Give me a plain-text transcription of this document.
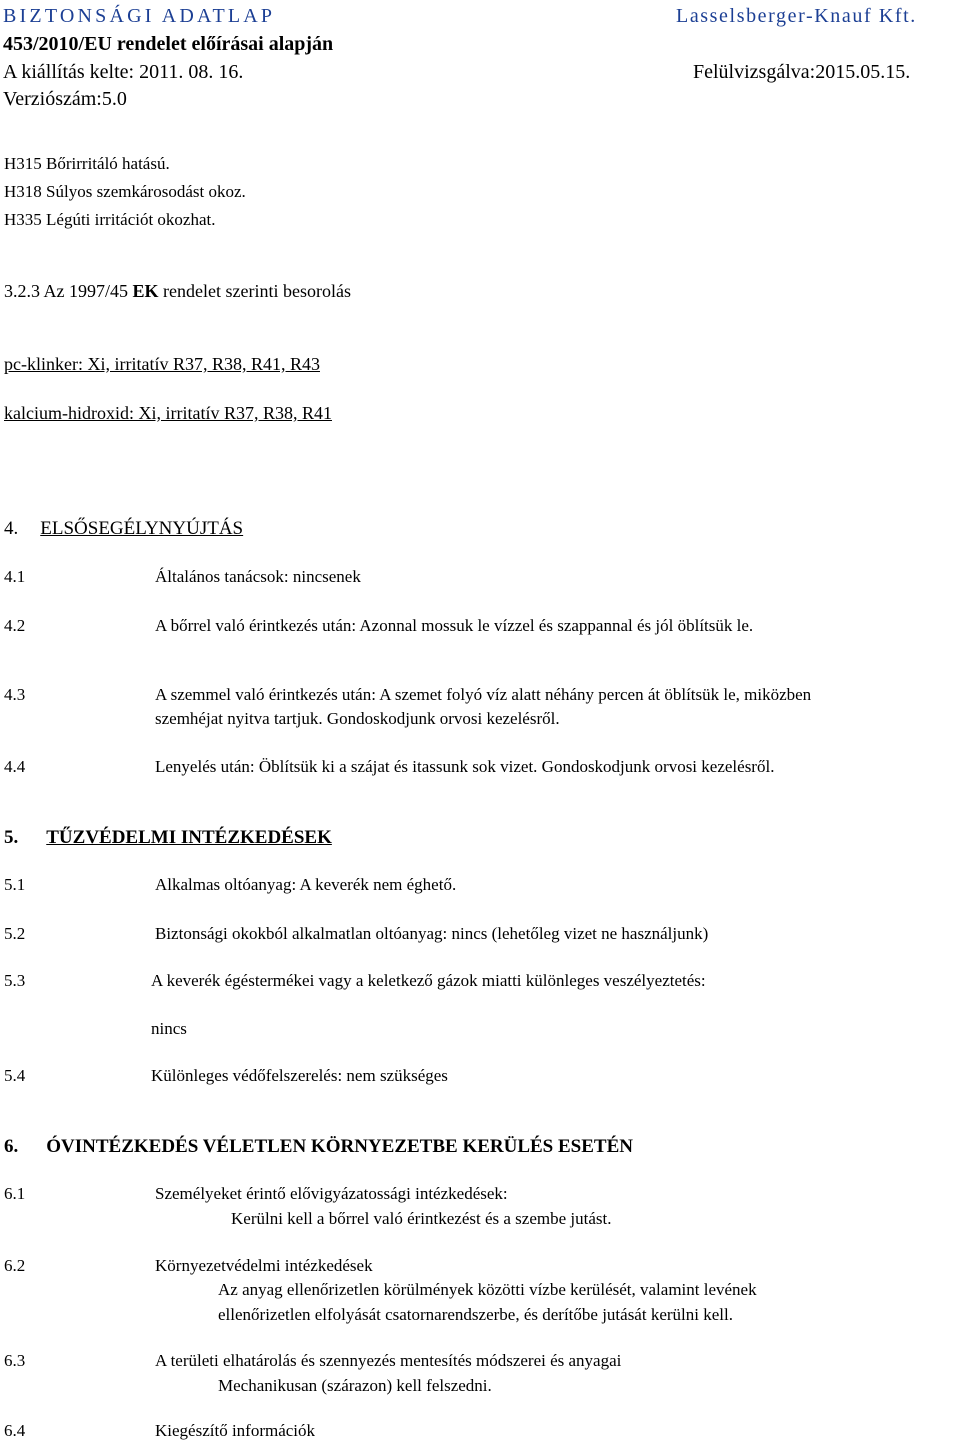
BIZTONSÁGI ADATLAP	Lasselsberger-Knauf Kft.
453/2010/EU rendelet előírásai alapján
A kiállítás kelte: 2011. 08. 16.	Felülvizsgálva:2015.05.15.
Verziószám:5.0
H315 Bőrirritáló hatású.
H318 Súlyos szemkárosodást okoz.
H335 Légúti irritációt okozhat.
3.2.3 Az 1997/45 EK rendelet szerinti besorolás
pc-klinker: Xi, irritatív R37, R38, R41, R43
kalcium-hidroxid: Xi, irritatív R37, R38, R41
4. ELSŐSEGÉLYNYÚJTÁS
4.1	Általános tanácsok: nincsenek
4.2	A bőrrel való érintkezés után: Azonnal mossuk le vízzel és szappannal és jól öblítsük le.
4.3	A szemmel való érintkezés után: A szemet folyó víz alatt néhány percen át öblítsük le, miközben
szemhéjat nyitva tartjuk. Gondoskodjunk orvosi kezelésről.
4.4	Lenyelés után: Öblítsük ki a szájat és itassunk sok vizet. Gondoskodjunk orvosi kezelésről.
5. TŰZVÉDELMI INTÉZKEDÉSEK
5.1	Alkalmas oltóanyag: A keverék nem éghető.
5.2	Biztonsági okokból alkalmatlan oltóanyag: nincs (lehetőleg vizet ne használjunk)
5.3	A keverék égéstermékei vagy a keletkező gázok miatti különleges veszélyeztetés:
nincs
5.4	Különleges védőfelszerelés: nem szükséges
6. ÓVINTÉZKEDÉS VÉLETLEN KÖRNYEZETBE KERÜLÉS ESETÉN
6.1	Személyeket érintő elővigyázatossági intézkedések:
Kerülni kell a bőrrel való érintkezést és a szembe jutást.
6.2	Környezetvédelmi intézkedések
Az anyag ellenőrizetlen körülmények közötti vízbe kerülését, valamint levének
ellenőrizetlen elfolyását csatornarendszerbe, és derítőbe jutását kerülni kell.
6.3	A területi elhatárolás és szennyezés mentesítés módszerei és anyagai
Mechanikusan (szárazon) kell felszedni.
6.4	Kiegészítő információk
